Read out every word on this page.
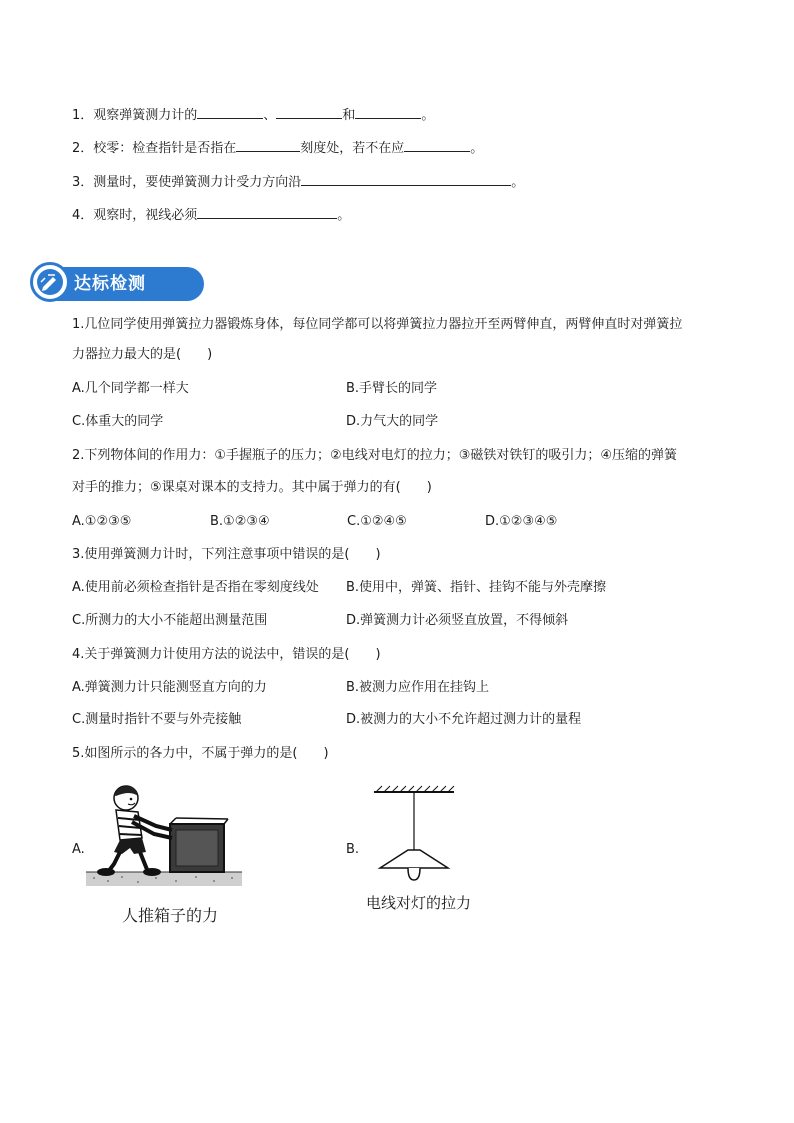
1．观察弹簧测力计的	、	和	。
2．校零：检查指针是否指在	刻度处，若不在应	。
3．测量时，要使弹簧测力计受力方向沿	。
4．观察时，视线必须	。
达标检测
1.几位同学使用弹簧拉力器锻炼身体，每位同学都可以将弹簧拉力器拉开至两臂伸直，两臂伸直时对弹簧拉
力器拉力最大的是(　　)
A.几个同学都一样大	B.手臂长的同学
C.体重大的同学	D.力气大的同学
2.下列物体间的作用力：①手握瓶子的压力；②电线对电灯的拉力；③磁铁对铁钉的吸引力；④压缩的弹簧
对手的推力；⑤课桌对课本的支持力。其中属于弹力的有(　　)
A.①②③⑤	B.①②③④	C.①②④⑤	D.①②③④⑤
3.使用弹簧测力计时，下列注意事项中错误的是(　　)
A.使用前必须检查指针是否指在零刻度线处 B.使用中，弹簧、指针、挂钩不能与外壳摩擦
C.所测力的大小不能超出测量范围	D.弹簧测力计必须竖直放置，不得倾斜
4.关于弹簧测力计使用方法的说法中，错误的是(　　)
A.弹簧测力计只能测竖直方向的力	B.被测力应作用在挂钩上
C.测量时指针不要与外壳接触	D.被测力的大小不允许超过测力计的量程
5.如图所示的各力中，不属于弹力的是(　　)
A.
人推箱子的力
B.
电线对灯的拉力
